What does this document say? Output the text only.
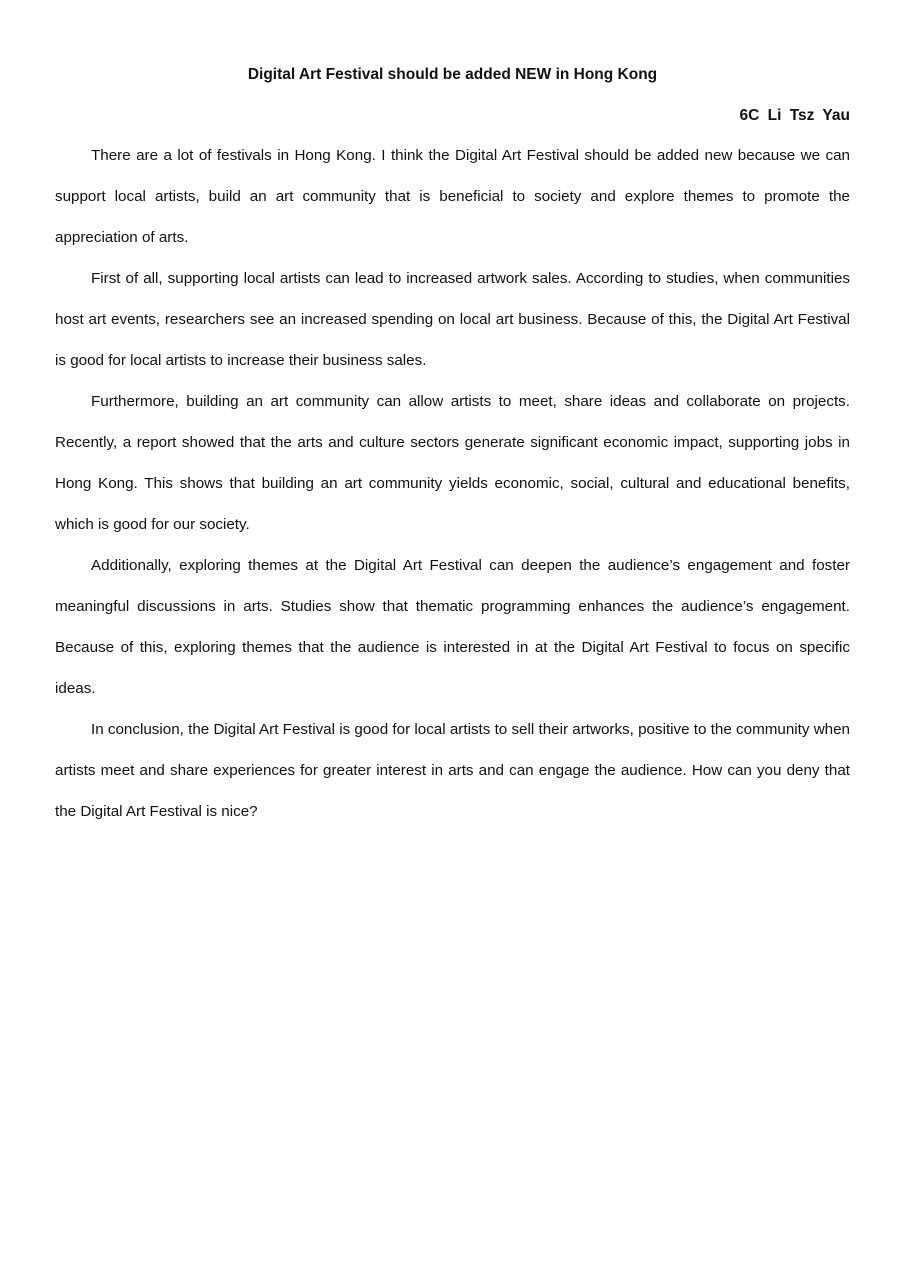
Digital Art Festival should be added NEW in Hong Kong
6C Li Tsz Yau

There are a lot of festivals in Hong Kong. I think the Digital Art Festival should be added new because we can support local artists, build an art community that is beneficial to society and explore themes to promote the appreciation of arts.

First of all, supporting local artists can lead to increased artwork sales. According to studies, when communities host art events, researchers see an increased spending on local art business. Because of this, the Digital Art Festival is good for local artists to increase their business sales.

Furthermore, building an art community can allow artists to meet, share ideas and collaborate on projects. Recently, a report showed that the arts and culture sectors generate significant economic impact, supporting jobs in Hong Kong. This shows that building an art community yields economic, social, cultural and educational benefits, which is good for our society.

Additionally, exploring themes at the Digital Art Festival can deepen the audience’s engagement and foster meaningful discussions in arts. Studies show that thematic programming enhances the audience’s engagement. Because of this, exploring themes that the audience is interested in at the Digital Art Festival to focus on specific ideas.

In conclusion, the Digital Art Festival is good for local artists to sell their artworks, positive to the community when artists meet and share experiences for greater interest in arts and can engage the audience. How can you deny that the Digital Art Festival is nice?
